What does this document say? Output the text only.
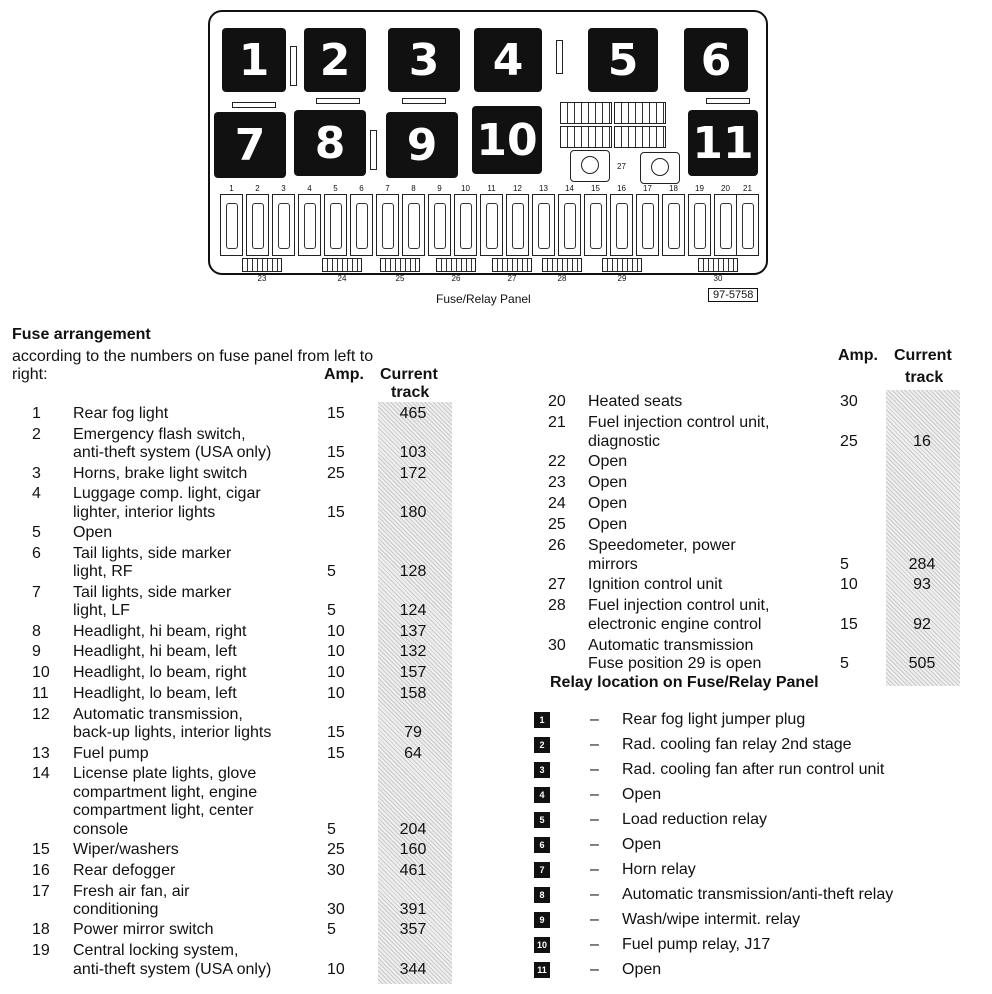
1	2	3	4	5	6
7	8	9 10	11
27
1	2	3	4	5	6	7	8	9	10	11	12	13	14	15	16	17	18	19	20	21
23	24	25	26	27	28	29	30
Fuse/Relay Panel	97-5758
Fuse arrangement
according to the numbers on fuse panel from left to
right:	Amp. Current
track
Amp. Current
track
1 Rear fog light	15	465
2 Emergency flash switch,
anti-theft system (USA only)	15	103
3 Horns, brake light switch	25	172
4 Luggage comp. light, cigar
lighter, interior lights	15	180
5 Open
6 Tail lights, side marker
light, RF	5	128
7 Tail lights, side marker
light, LF	5	124
8 Headlight, hi beam, right	10	137
9 Headlight, hi beam, left	10	132
10 Headlight, lo beam, right	10	157
11 Headlight, lo beam, left	10	158
12 Automatic transmission,
back-up lights, interior lights	15	79
13 Fuel pump	15	64
14 License plate lights, glove
compartment light, engine
compartment light, center
console	5	204
15 Wiper/washers	25	160
16 Rear defogger	30	461
17 Fresh air fan, air
conditioning	30	391
18 Power mirror switch	5	357
19 Central locking system,
anti-theft system (USA only)	10	344
20 Heated seats	30
21 Fuel injection control unit,
diagnostic	25	16
22 Open
23 Open
24 Open
25 Open
26 Speedometer, power
mirrors	5	284
27 Ignition control unit	10	93
28 Fuel injection control unit,
electronic engine control	15	92
30 Automatic transmission
Fuse position 29 is open	5	505
Relay location on Fuse/Relay Panel
1	– Rear fog light jumper plug
2	– Rad. cooling fan relay 2nd stage
3	– Rad. cooling fan after run control unit
4	– Open
5	– Load reduction relay
6	– Open
7	– Horn relay
8	– Automatic transmission/anti-theft relay
9	– Wash/wipe intermit. relay
10	– Fuel pump relay, J17
11	– Open
